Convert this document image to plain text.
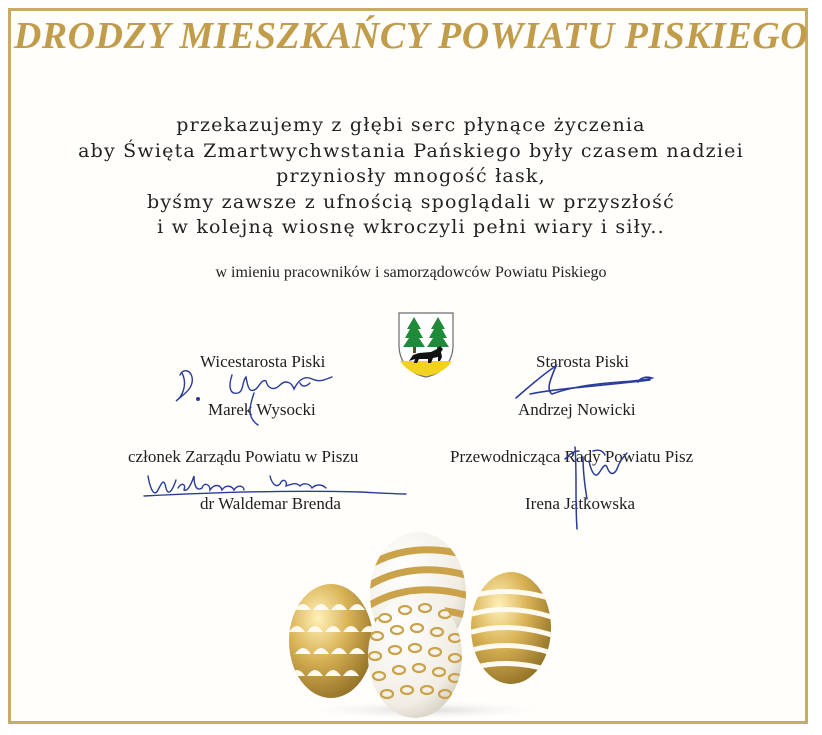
DRODZY MIESZKAŃCY POWIATU PISKIEGO
przekazujemy z głębi serc płynące życzenia
aby Święta Zmartwychwstania Pańskiego były czasem nadziei
przyniosły mnogość łask,
byśmy zawsze z ufnością spoglądali w przyszłość
i w kolejną wiosnę wkroczyli pełni wiary i siły..
w imieniu pracowników i samorządowców Powiatu Piskiego
Wicestarosta Piski
Marek Wysocki
Starosta Piski
Andrzej Nowicki
członek Zarządu Powiatu w Piszu
dr Waldemar Brenda
Przewodnicząca Rady Powiatu Pisz
Irena Jatkowska
